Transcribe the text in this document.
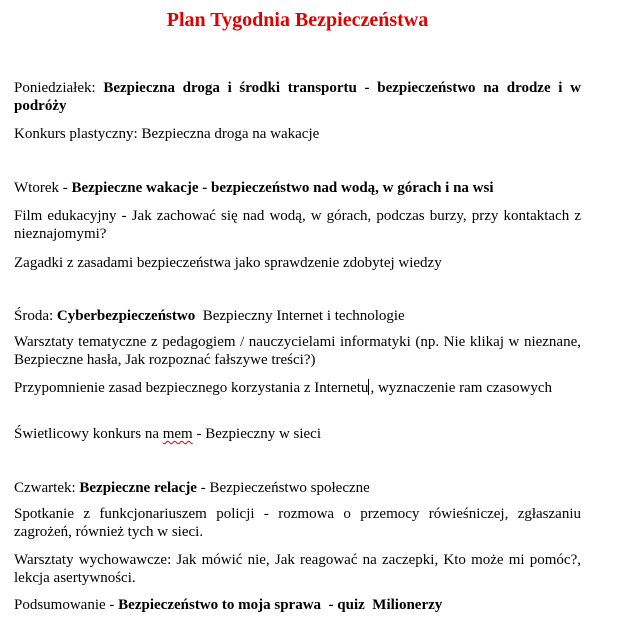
Plan Tygodnia Bezpieczeństwa
Poniedziałek: Bezpieczna droga i środki transportu - bezpieczeństwo na drodze i w podróży
Konkurs plastyczny: Bezpieczna droga na wakacje
Wtorek - Bezpieczne wakacje - bezpieczeństwo nad wodą, w górach i na wsi
Film edukacyjny - Jak zachować się nad wodą, w górach, podczas burzy, przy kontaktach z nieznajomymi?
Zagadki z zasadami bezpieczeństwa jako sprawdzenie zdobytej wiedzy
Środa: Cyberbezpieczeństwo Bezpieczny Internet i technologie
Warsztaty tematyczne z pedagogiem / nauczycielami informatyki (np. Nie klikaj w nieznane, Bezpieczne hasła, Jak rozpoznać fałszywe treści?)
Przypomnienie zasad bezpiecznego korzystania z Internetu , wyznaczenie ram czasowych
Świetlicowy konkurs na mem - Bezpieczny w sieci
Czwartek: Bezpieczne relacje - Bezpieczeństwo społeczne
Spotkanie z funkcjonariuszem policji - rozmowa o przemocy rówieśniczej, zgłaszaniu zagrożeń, również tych w sieci.
Warsztaty wychowawcze: Jak mówić nie, Jak reagować na zaczepki, Kto może mi pomóc?, lekcja asertywności.
Podsumowanie - Bezpieczeństwo to moja sprawa  - quiz  Milionerzy
